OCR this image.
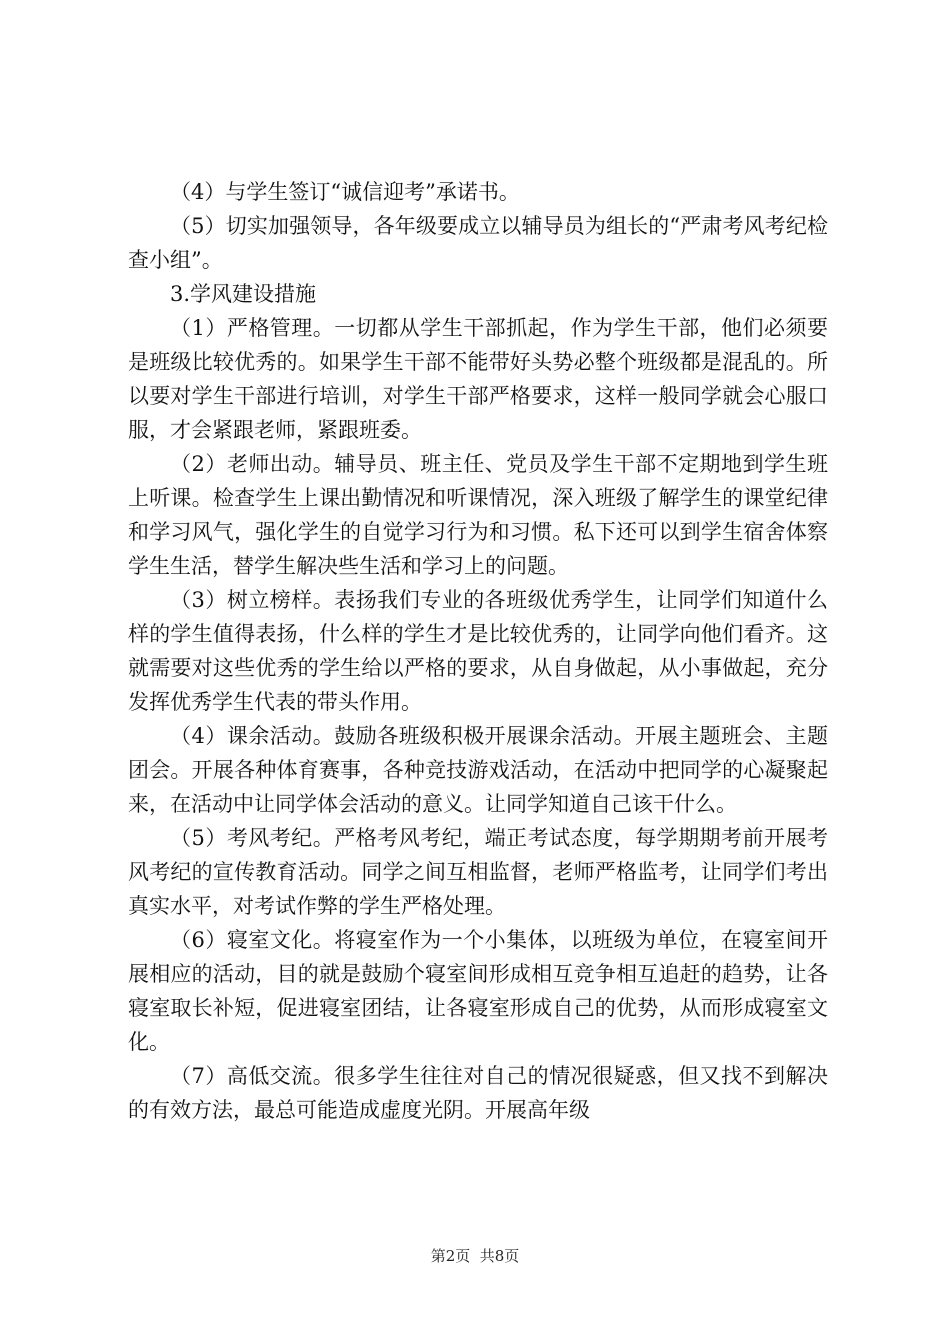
（4）与学生签订“诚信迎考”承诺书。

（5）切实加强领导，各年级要成立以辅导员为组长的“严肃考风考纪检查小组”。

3.学风建设措施

（1）严格管理。一切都从学生干部抓起，作为学生干部，他们必须要是班级比较优秀的。如果学生干部不能带好头势必整个班级都是混乱的。所以要对学生干部进行培训，对学生干部严格要求，这样一般同学就会心服口服，才会紧跟老师，紧跟班委。

（2）老师出动。辅导员、班主任、党员及学生干部不定期地到学生班上听课。检查学生上课出勤情况和听课情况，深入班级了解学生的课堂纪律和学习风气，强化学生的自觉学习行为和习惯。私下还可以到学生宿舍体察学生生活，替学生解决些生活和学习上的问题。

（3）树立榜样。表扬我们专业的各班级优秀学生，让同学们知道什么样的学生值得表扬，什么样的学生才是比较优秀的，让同学向他们看齐。这就需要对这些优秀的学生给以严格的要求，从自身做起，从小事做起，充分发挥优秀学生代表的带头作用。

（4）课余活动。鼓励各班级积极开展课余活动。开展主题班会、主题团会。开展各种体育赛事，各种竞技游戏活动，在活动中把同学的心凝聚起来，在活动中让同学体会活动的意义。让同学知道自己该干什么。

（5）考风考纪。严格考风考纪，端正考试态度，每学期期考前开展考风考纪的宣传教育活动。同学之间互相监督，老师严格监考，让同学们考出真实水平，对考试作弊的学生严格处理。

（6）寝室文化。将寝室作为一个小集体，以班级为单位，在寝室间开展相应的活动，目的就是鼓励个寝室间形成相互竞争相互追赶的趋势，让各寝室取长补短，促进寝室团结，让各寝室形成自己的优势，从而形成寝室文化。

（7）高低交流。很多学生往往对自己的情况很疑惑，但又找不到解决的有效方法，最总可能造成虚度光阴。开展高年级

第2页  共8页
